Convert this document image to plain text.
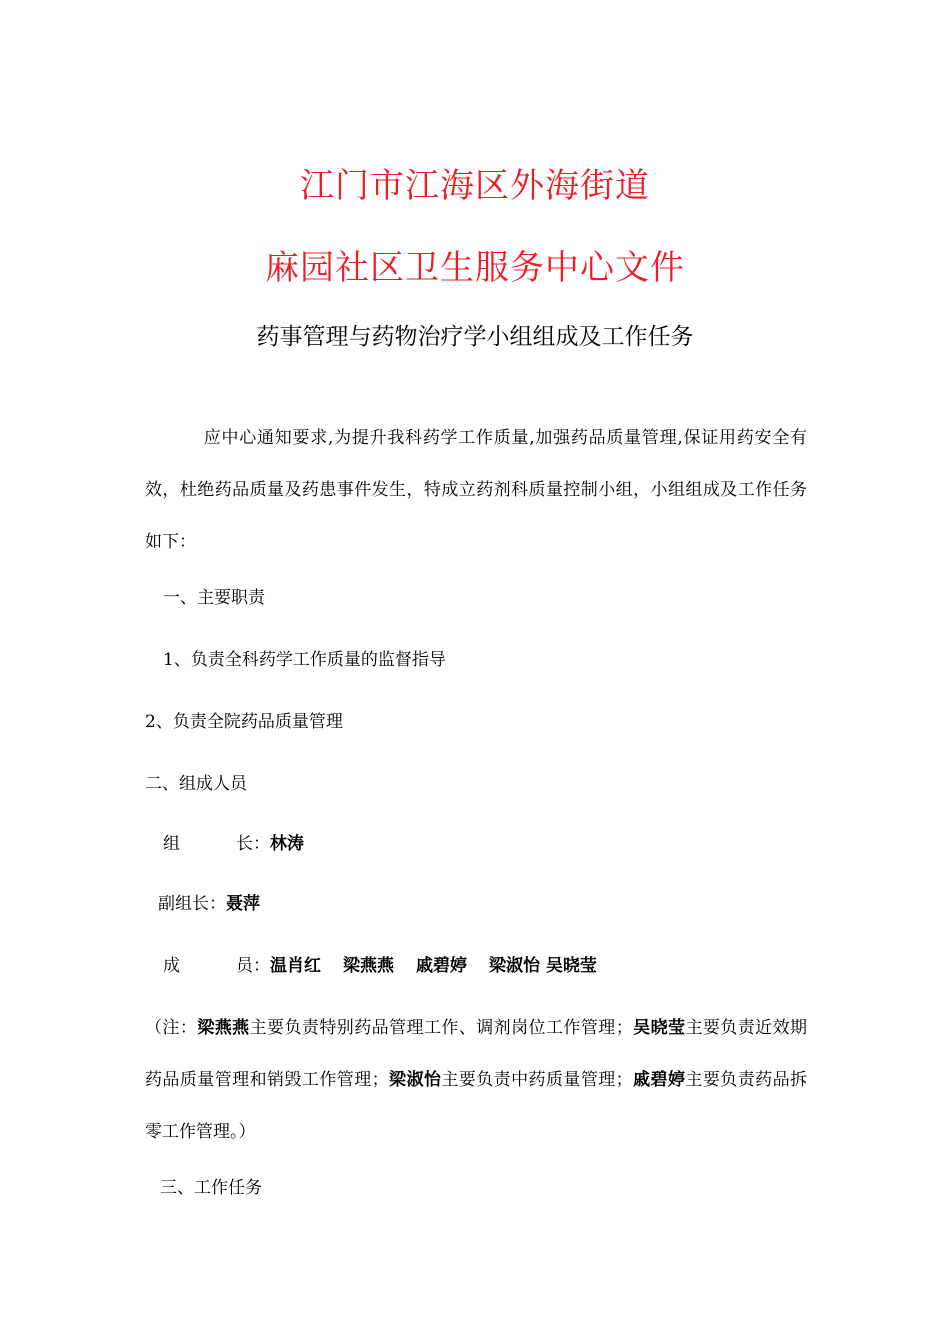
江门市江海区外海街道
麻园社区卫生服务中心文件
药事管理与药物治疗学小组组成及工作任务
应中心通知要求,为提升我科药学工作质量,加强药品质量管理,保证用药安全有效，杜绝药品质量及药患事件发生，特成立药剂科质量控制小组，小组组成及工作任务如下：
一、主要职责
1、负责全科药学工作质量的监督指导
2、负责全院药品质量管理
二、组成人员
组	长：林涛
副组长：聂萍
成	员：温肖红 梁燕燕 戚碧婷 梁淑怡 吴晓莹
（注：梁燕燕主要负责特别药品管理工作、调剂岗位工作管理；吴晓莹主要负责近效期药品质量管理和销毁工作管理；梁淑怡主要负责中药质量管理；戚碧婷主要负责药品拆零工作管理。）
三、工作任务
